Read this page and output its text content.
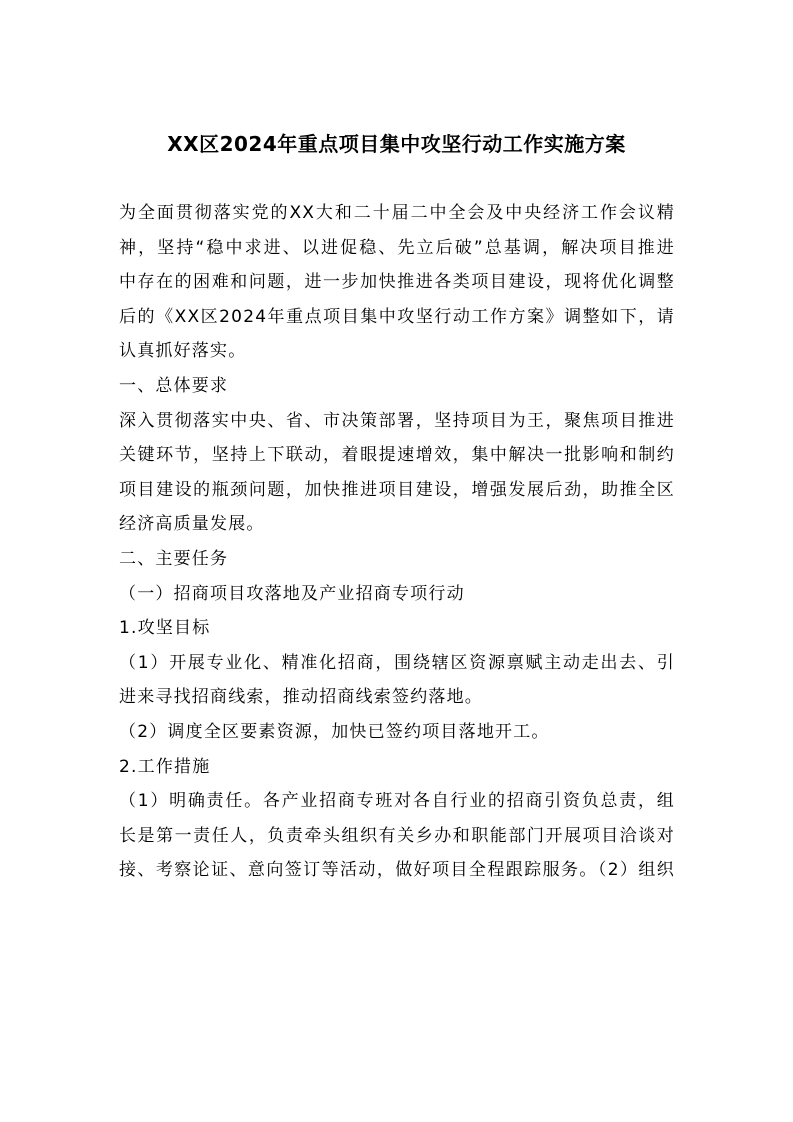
XX区2024年重点项目集中攻坚行动工作实施方案

为全面贯彻落实党的XX大和二十届二中全会及中央经济工作会议精
神，坚持“稳中求进、以进促稳、先立后破”总基调，解决项目推进
中存在的困难和问题，进一步加快推进各类项目建设，现将优化调整
后的《XX区2024年重点项目集中攻坚行动工作方案》调整如下，请
认真抓好落实。

一、总体要求

深入贯彻落实中央、省、市决策部署，坚持项目为王，聚焦项目推进
关键环节，坚持上下联动，着眼提速增效，集中解决一批影响和制约
项目建设的瓶颈问题，加快推进项目建设，增强发展后劲，助推全区
经济高质量发展。

二、主要任务

（一）招商项目攻落地及产业招商专项行动

1.攻坚目标

（1）开展专业化、精准化招商，围绕辖区资源禀赋主动走出去、引
进来寻找招商线索，推动招商线索签约落地。

（2）调度全区要素资源，加快已签约项目落地开工。

2.工作措施

（1）明确责任。各产业招商专班对各自行业的招商引资负总责，组
长是第一责任人，负责牵头组织有关乡办和职能部门开展项目洽谈对
接、考察论证、意向签订等活动，做好项目全程跟踪服务。（2）组织
